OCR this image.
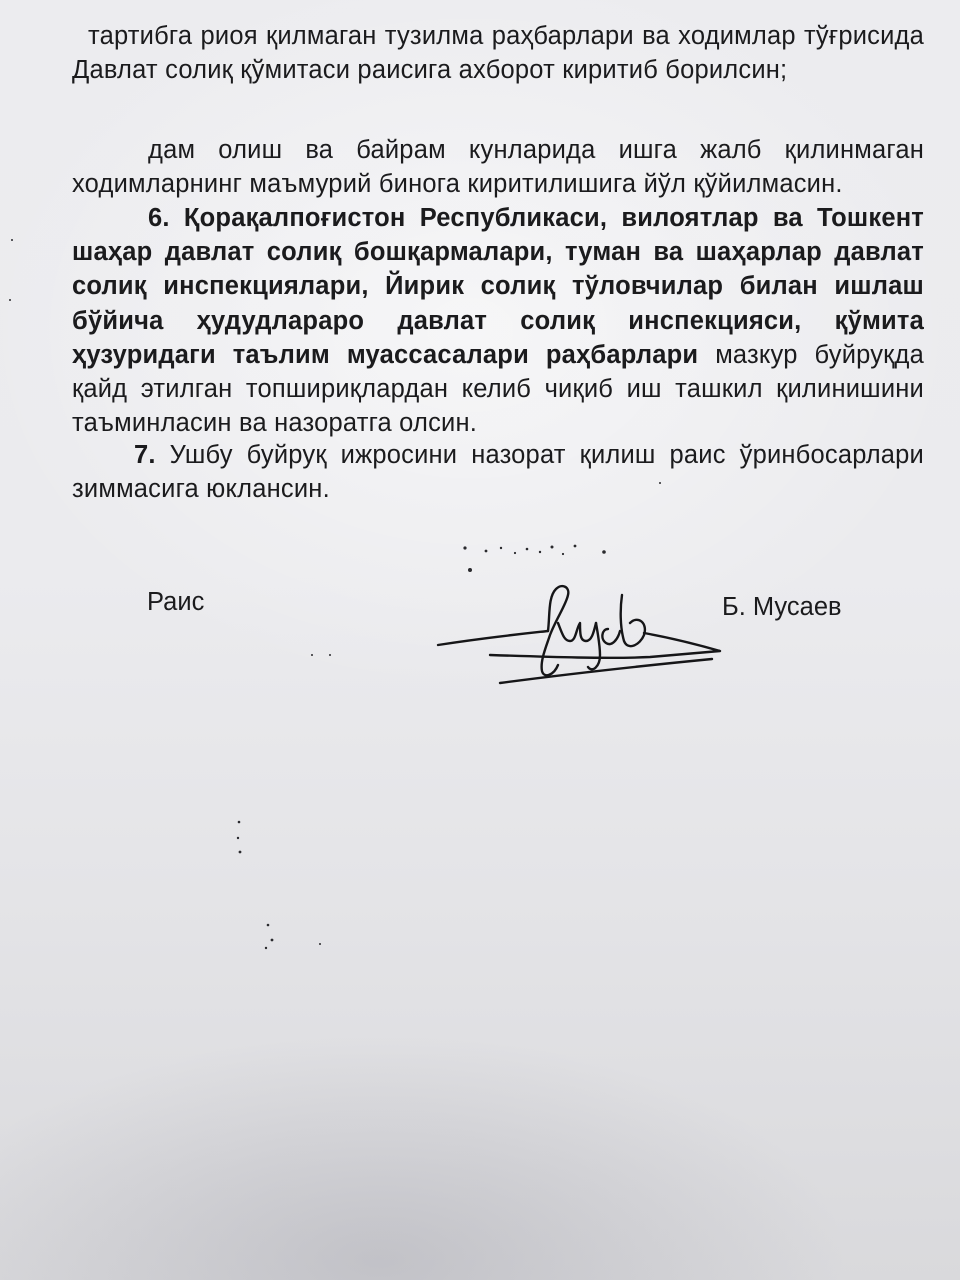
тартибга риоя қилмаган тузилма раҳбарлари ва ходимлар тўғрисида Давлат солиқ қўмитаси раисига ахборот киритиб борилсин;

дам олиш ва байрам кунларида ишга жалб қилинмаган ходимларнинг маъмурий бинога киритилишига йўл қўйилмасин.

6. Қорақалпоғистон Республикаси, вилоятлар ва Тошкент шаҳар давлат солиқ бошқармалари, туман ва шаҳарлар давлат солиқ инспекциялари, Йирик солиқ тўловчилар билан ишлаш бўйича ҳудудлараро давлат солиқ инспекцияси, қўмита ҳузуридаги таълим муассасалари раҳбарлари мазкур буйруқда қайд этилган топшириқлардан келиб чиқиб иш ташкил қилинишини таъминласин ва назоратга олсин.

7. Ушбу буйруқ ижросини назорат қилиш раис ўринбосарлари зиммасига юклансин.

Раис	Б. Мусаев
